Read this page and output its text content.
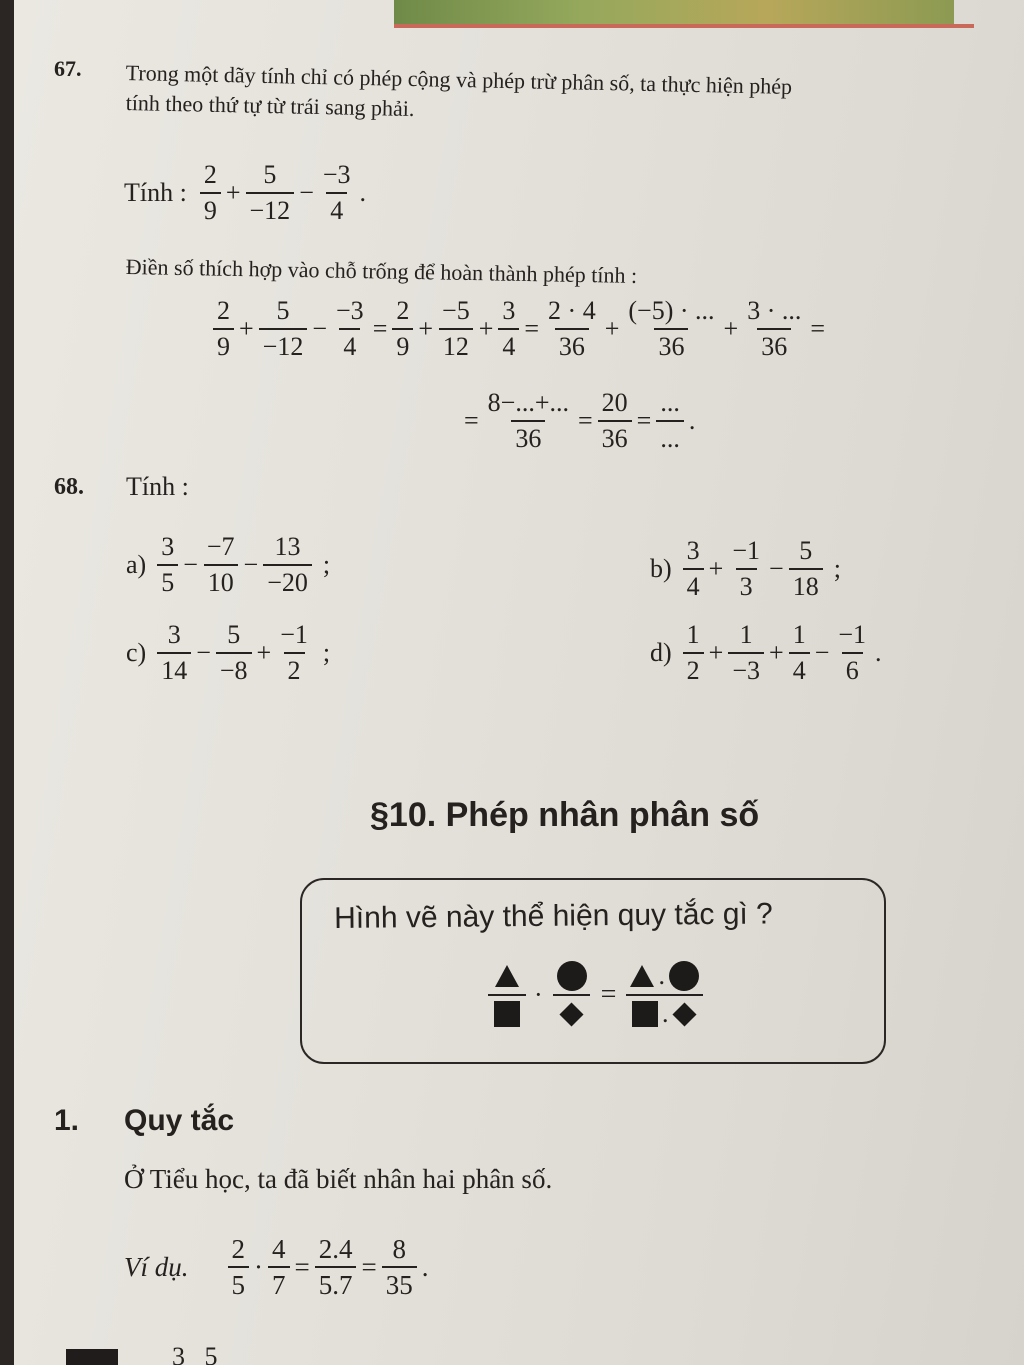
67. Trong một dãy tính chỉ có phép cộng và phép trừ phân số, ta thực hiện phép
tính theo thứ tự từ trái sang phải.
Tính :
2
9
+ $\frac{5}{-12} - \frac{-3}{4}$ .
Điền số thích hợp vào chỗ trống để hoàn thành phép tính :
2
9
+ $\frac{5}{-12} - \frac{-3}{4} = \frac{2}{9} + \frac{-5}{12} + \frac{3}{4} = \frac{2 \cdot 4}{36} + \frac{(-5) \cdot ...}{36} + \frac{3 \cdot ...}{36}$ =
= $\frac{8-...+...}{36} = \frac{20}{36}$ =
...
...
.
68. Tính :
a)
3
5
− $\frac{-7}{10} - \frac{13}{-20}$ ;	b)
3
4
+ $\frac{-1}{3} - \frac{5}{18}$ ;
c)
3
14
− $\frac{5}{-8} + \frac{-1}{2}$ ;	d)
1
2
+ $\frac{1}{-3} + \frac{1}{4} - \frac{-1}{6}$ .
§10. Phép nhân phân số
Hình vẽ này thể hiện quy tắc gì ?
· =
.
.
1. Quy tắc
Ở Tiểu học, ta đã biết nhân hai phân số.
Ví dụ.
2
5
· $\frac{4}{7} = \frac{2.4}{5.7} = \frac{8}{35}$ .
3   5
